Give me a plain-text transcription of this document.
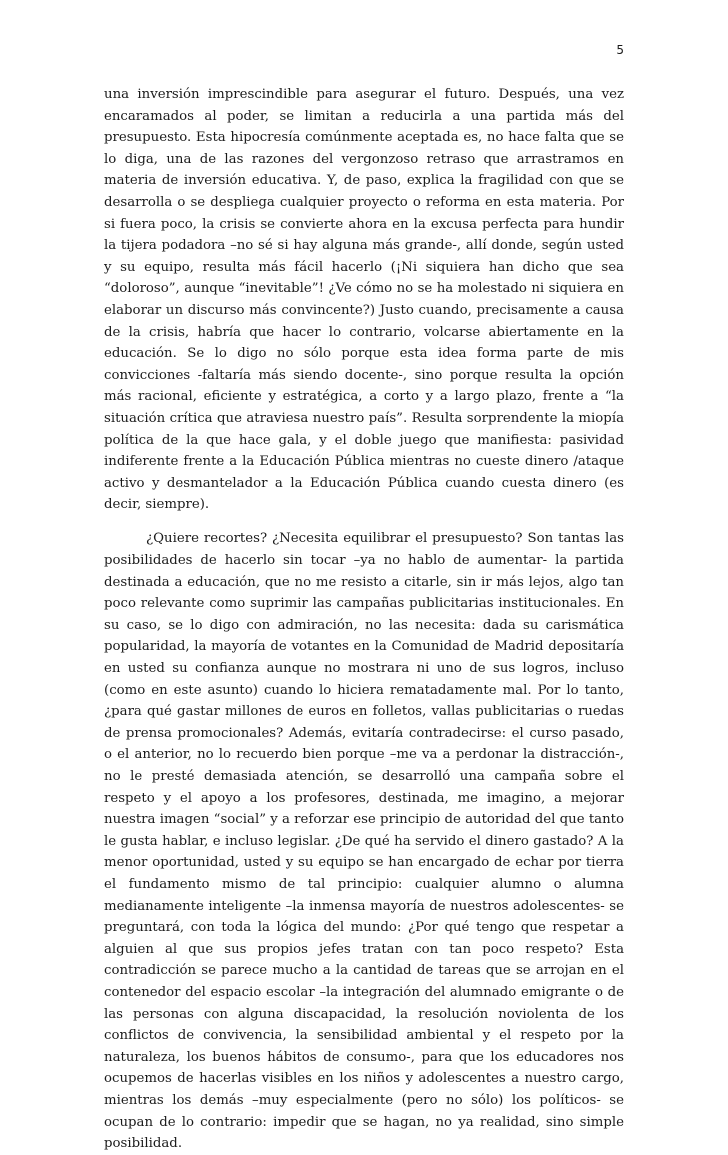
5

una inversión imprescindible para asegurar el futuro. Después, una vez encaramados al poder, se limitan a reducirla a una partida más del presupuesto. Esta hipocresía comúnmente aceptada es, no hace falta que se lo diga, una de las razones del vergonzoso retraso que arrastramos en materia de inversión educativa. Y, de paso, explica la fragilidad con que se desarrolla o se despliega cualquier proyecto o reforma en esta materia. Por si fuera poco, la crisis se convierte ahora en la excusa perfecta para hundir la tijera podadora –no sé si hay alguna más grande-, allí donde, según usted y su equipo, resulta más fácil hacerlo (¡Ni siquiera han dicho que sea “doloroso”, aunque “inevitable”! ¿Ve cómo no se ha molestado ni siquiera en elaborar un discurso más convincente?) Justo cuando, precisamente a causa de la crisis, habría que hacer lo contrario, volcarse abiertamente en la educación. Se lo digo no sólo porque esta idea forma parte de mis convicciones -faltaría más siendo docente-, sino porque resulta la opción más racional, eficiente y estratégica, a corto y a largo plazo, frente a “la situación crítica que atraviesa nuestro país”. Resulta sorprendente la miopía política de la que hace gala, y el doble juego que manifiesta: pasividad indiferente frente a la Educación Pública mientras no cueste dinero /ataque activo y desmantelador a la Educación Pública cuando cuesta dinero (es decir, siempre).

¿Quiere recortes? ¿Necesita equilibrar el presupuesto? Son tantas las posibilidades de hacerlo sin tocar –ya no hablo de aumentar- la partida destinada a educación, que no me resisto a citarle, sin ir más lejos, algo tan poco relevante como suprimir las campañas publicitarias institucionales. En su caso, se lo digo con admiración, no las necesita: dada su carismática popularidad, la mayoría de votantes en la Comunidad de Madrid depositaría en usted su confianza aunque no mostrara ni uno de sus logros, incluso (como en este asunto) cuando lo hiciera rematadamente mal. Por lo tanto, ¿para qué gastar millones de euros en folletos, vallas publicitarias o ruedas de prensa promocionales? Además, evitaría contradecirse: el curso pasado, o el anterior, no lo recuerdo bien porque –me va a perdonar la distracción-, no le presté demasiada atención, se desarrolló una campaña sobre el respeto y el apoyo a los profesores, destinada, me imagino, a mejorar nuestra imagen “social” y a reforzar ese principio de autoridad del que tanto le gusta hablar, e incluso legislar. ¿De qué ha servido el dinero gastado? A la menor oportunidad, usted y su equipo se han encargado de echar por tierra el fundamento mismo de tal principio: cualquier alumno o alumna medianamente inteligente –la inmensa mayoría de nuestros adolescentes- se preguntará, con toda la lógica del mundo: ¿Por qué tengo que respetar a alguien al que sus propios jefes tratan con tan poco respeto? Esta contradicción se parece mucho a la cantidad de tareas que se arrojan en el contenedor del espacio escolar –la integración del alumnado emigrante o de las personas con alguna discapacidad, la resolución noviolenta de los conflictos de convivencia, la sensibilidad ambiental y el respeto por la naturaleza, los buenos hábitos de consumo-, para que los educadores nos ocupemos de hacerlas visibles en los niños y adolescentes a nuestro cargo, mientras los demás –muy especialmente (pero no sólo) los políticos- se ocupan de lo contrario: impedir que se hagan, no ya realidad, sino simple posibilidad.
